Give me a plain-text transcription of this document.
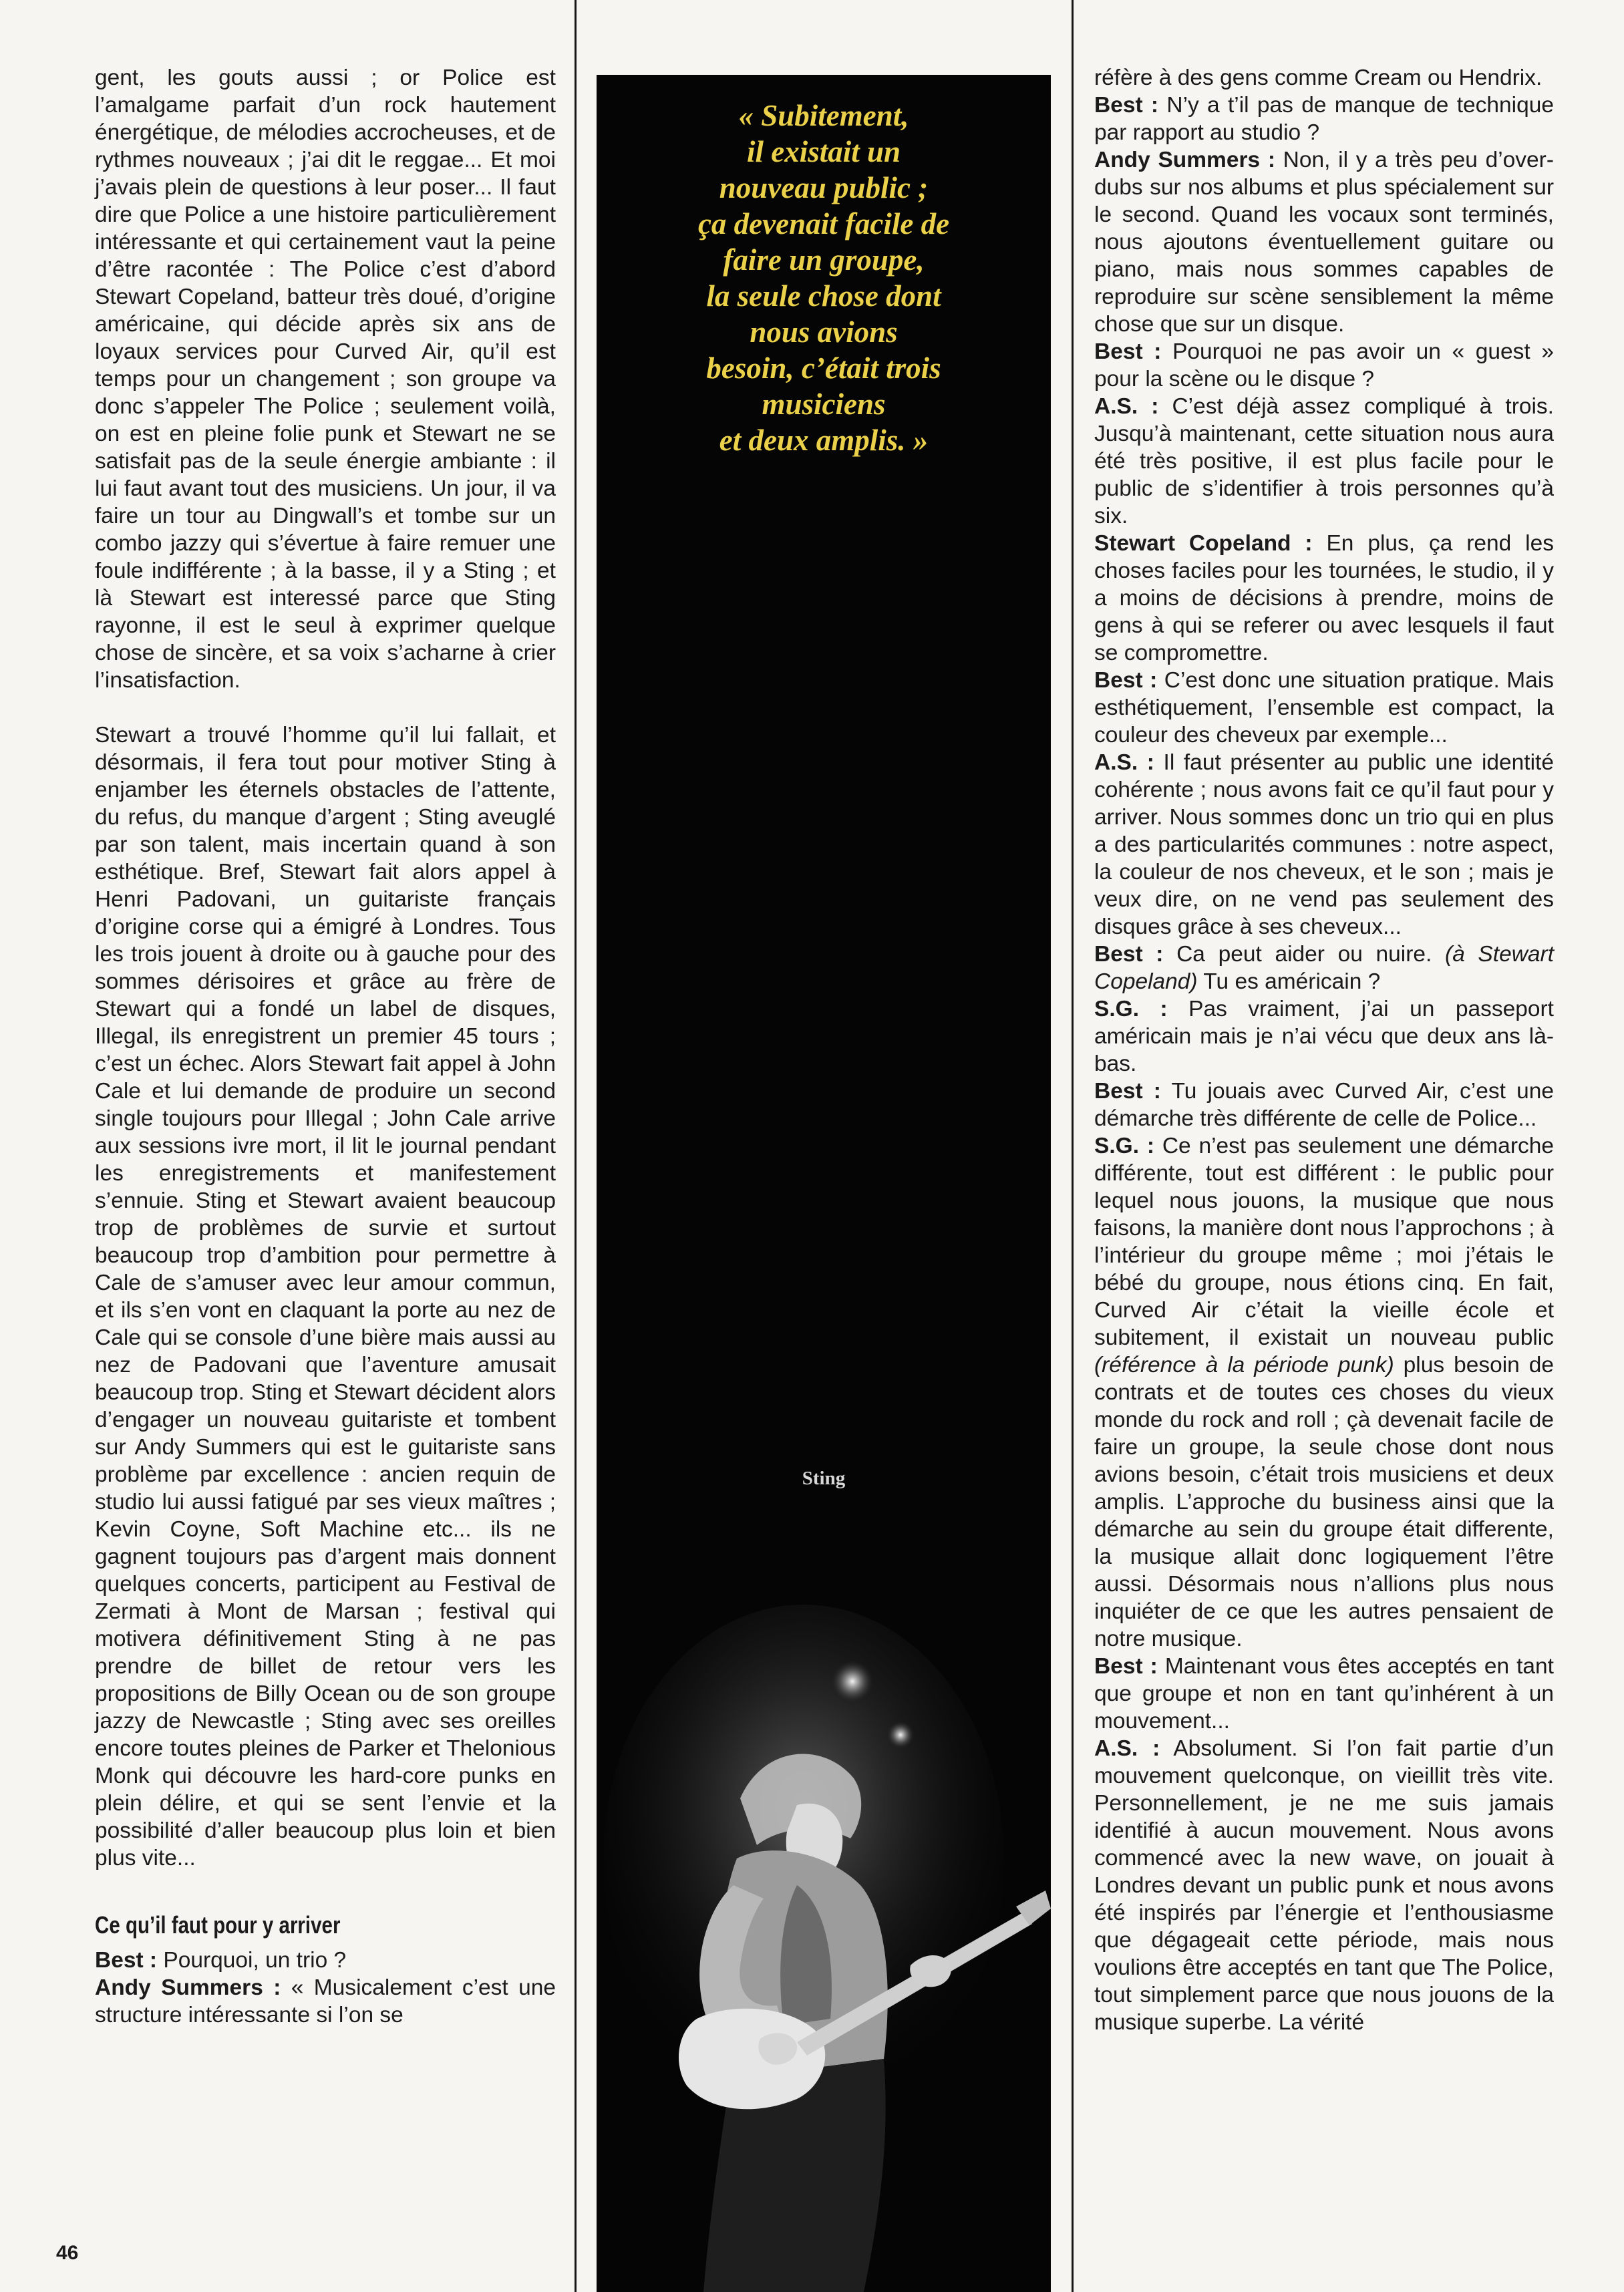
gent, les gouts aussi ; or Police est l’amalgame parfait d’un rock hautement énergétique, de mélodies accrocheuses, et de rythmes nouveaux ; j’ai dit le reggae... Et moi j’avais plein de questions à leur poser... Il faut dire que Police a une histoire particulièrement intéressante et qui certainement vaut la peine d’être racontée : The Police c’est d’abord Stewart Copeland, batteur très doué, d’origine américaine, qui décide après six ans de loyaux services pour Curved Air, qu’il est temps pour un changement ; son groupe va donc s’appeler The Police ; seulement voilà, on est en pleine folie punk et Stewart ne se satisfait pas de la seule énergie ambiante : il lui faut avant tout des musiciens. Un jour, il va faire un tour au Dingwall’s et tombe sur un combo jazzy qui s’évertue à faire remuer une foule indifférente ; à la basse, il y a Sting ; et là Stewart est interessé parce que Sting rayonne, il est le seul à exprimer quelque chose de sincère, et sa voix s’acharne à crier l’insatisfaction.

Stewart a trouvé l’homme qu’il lui fallait, et désormais, il fera tout pour motiver Sting à enjamber les éternels obstacles de l’attente, du refus, du manque d’argent ; Sting aveuglé par son talent, mais incertain quand à son esthétique. Bref, Stewart fait alors appel à Henri Padovani, un guitariste français d’origine corse qui a émigré à Londres. Tous les trois jouent à droite ou à gauche pour des sommes dérisoires et grâce au frère de Stewart qui a fondé un label de disques, Illegal, ils enregistrent un premier 45 tours ; c’est un échec. Alors Stewart fait appel à John Cale et lui demande de produire un second single toujours pour Illegal ; John Cale arrive aux sessions ivre mort, il lit le journal pendant les enregistrements et manifestement s’ennuie. Sting et Stewart avaient beaucoup trop de problèmes de survie et surtout beaucoup trop d’ambition pour permettre à Cale de s’amuser avec leur amour commun, et ils s’en vont en claquant la porte au nez de Cale qui se console d’une bière mais aussi au nez de Padovani que l’aventure amusait beaucoup trop. Sting et Stewart décident alors d’engager un nouveau guitariste et tombent sur Andy Summers qui est le guitariste sans problème par excellence : ancien requin de studio lui aussi fatigué par ses vieux maîtres ; Kevin Coyne, Soft Machine etc... ils ne gagnent toujours pas d’argent mais donnent quelques concerts, participent au Festival de Zermati à Mont de Marsan ; festival qui motivera définitivement Sting à ne pas prendre de billet de retour vers les propositions de Billy Ocean ou de son groupe jazzy de Newcastle ; Sting avec ses oreilles encore toutes pleines de Parker et Thelonious Monk qui découvre les hard-core punks en plein délire, et qui se sent l’envie et la possibilité d’aller beaucoup plus loin et bien plus vite...

Ce qu’il faut pour y arriver

Best : Pourquoi, un trio ?

Andy Summers : « Musicalement c’est une structure intéressante si l’on se

« Subitement,
il existait un
nouveau public ;
ça devenait facile de
faire un groupe,
la seule chose dont
nous avions
besoin, c’était trois
musiciens
et deux amplis. »

Sting

réfère à des gens comme Cream ou Hendrix.

Best : N’y a t’il pas de manque de technique par rapport au studio ?

Andy Summers : Non, il y a très peu d’over-dubs sur nos albums et plus spécialement sur le second. Quand les vocaux sont terminés, nous ajoutons éventuellement guitare ou piano, mais nous sommes capables de reproduire sur scène sensiblement la même chose que sur un disque.

Best : Pourquoi ne pas avoir un « guest » pour la scène ou le disque ?

A.S. : C’est déjà assez compliqué à trois. Jusqu’à maintenant, cette situation nous aura été très positive, il est plus facile pour le public de s’identifier à trois personnes qu’à six.

Stewart Copeland : En plus, ça rend les choses faciles pour les tournées, le studio, il y a moins de décisions à prendre, moins de gens à qui se referer ou avec lesquels il faut se compromettre.

Best : C’est donc une situation pratique. Mais esthétiquement, l’ensemble est compact, la couleur des cheveux par exemple...

A.S. : Il faut présenter au public une identité cohérente ; nous avons fait ce qu’il faut pour y arriver. Nous sommes donc un trio qui en plus a des particularités communes : notre aspect, la couleur de nos cheveux, et le son ; mais je veux dire, on ne vend pas seulement des disques grâce à ses cheveux...

Best : Ca peut aider ou nuire. (à Stewart Copeland) Tu es américain ?

S.G. : Pas vraiment, j’ai un passeport américain mais je n’ai vécu que deux ans là-bas.

Best : Tu jouais avec Curved Air, c’est une démarche très différente de celle de Police...

S.G. : Ce n’est pas seulement une démarche différente, tout est différent : le public pour lequel nous jouons, la musique que nous faisons, la manière dont nous l’approchons ; à l’intérieur du groupe même ; moi j’étais le bébé du groupe, nous étions cinq. En fait, Curved Air c’était la vieille école et subitement, il existait un nouveau public (référence à la période punk) plus besoin de contrats et de toutes ces choses du vieux monde du rock and roll ; çà devenait facile de faire un groupe, la seule chose dont nous avions besoin, c’était trois musiciens et deux amplis. L’approche du business ainsi que la démarche au sein du groupe était differente, la musique allait donc logiquement l’être aussi. Désormais nous n’allions plus nous inquiéter de ce que les autres pensaient de notre musique.

Best : Maintenant vous êtes acceptés en tant que groupe et non en tant qu’inhérent à un mouvement...

A.S. : Absolument. Si l’on fait partie d’un mouvement quelconque, on vieillit très vite. Personnellement, je ne me suis jamais identifié à aucun mouvement. Nous avons commencé avec la new wave, on jouait à Londres devant un public punk et nous avons été inspirés par l’énergie et l’enthousiasme que dégageait cette période, mais nous voulions être acceptés en tant que The Police, tout simplement parce que nous jouons de la musique superbe. La vérité

46
